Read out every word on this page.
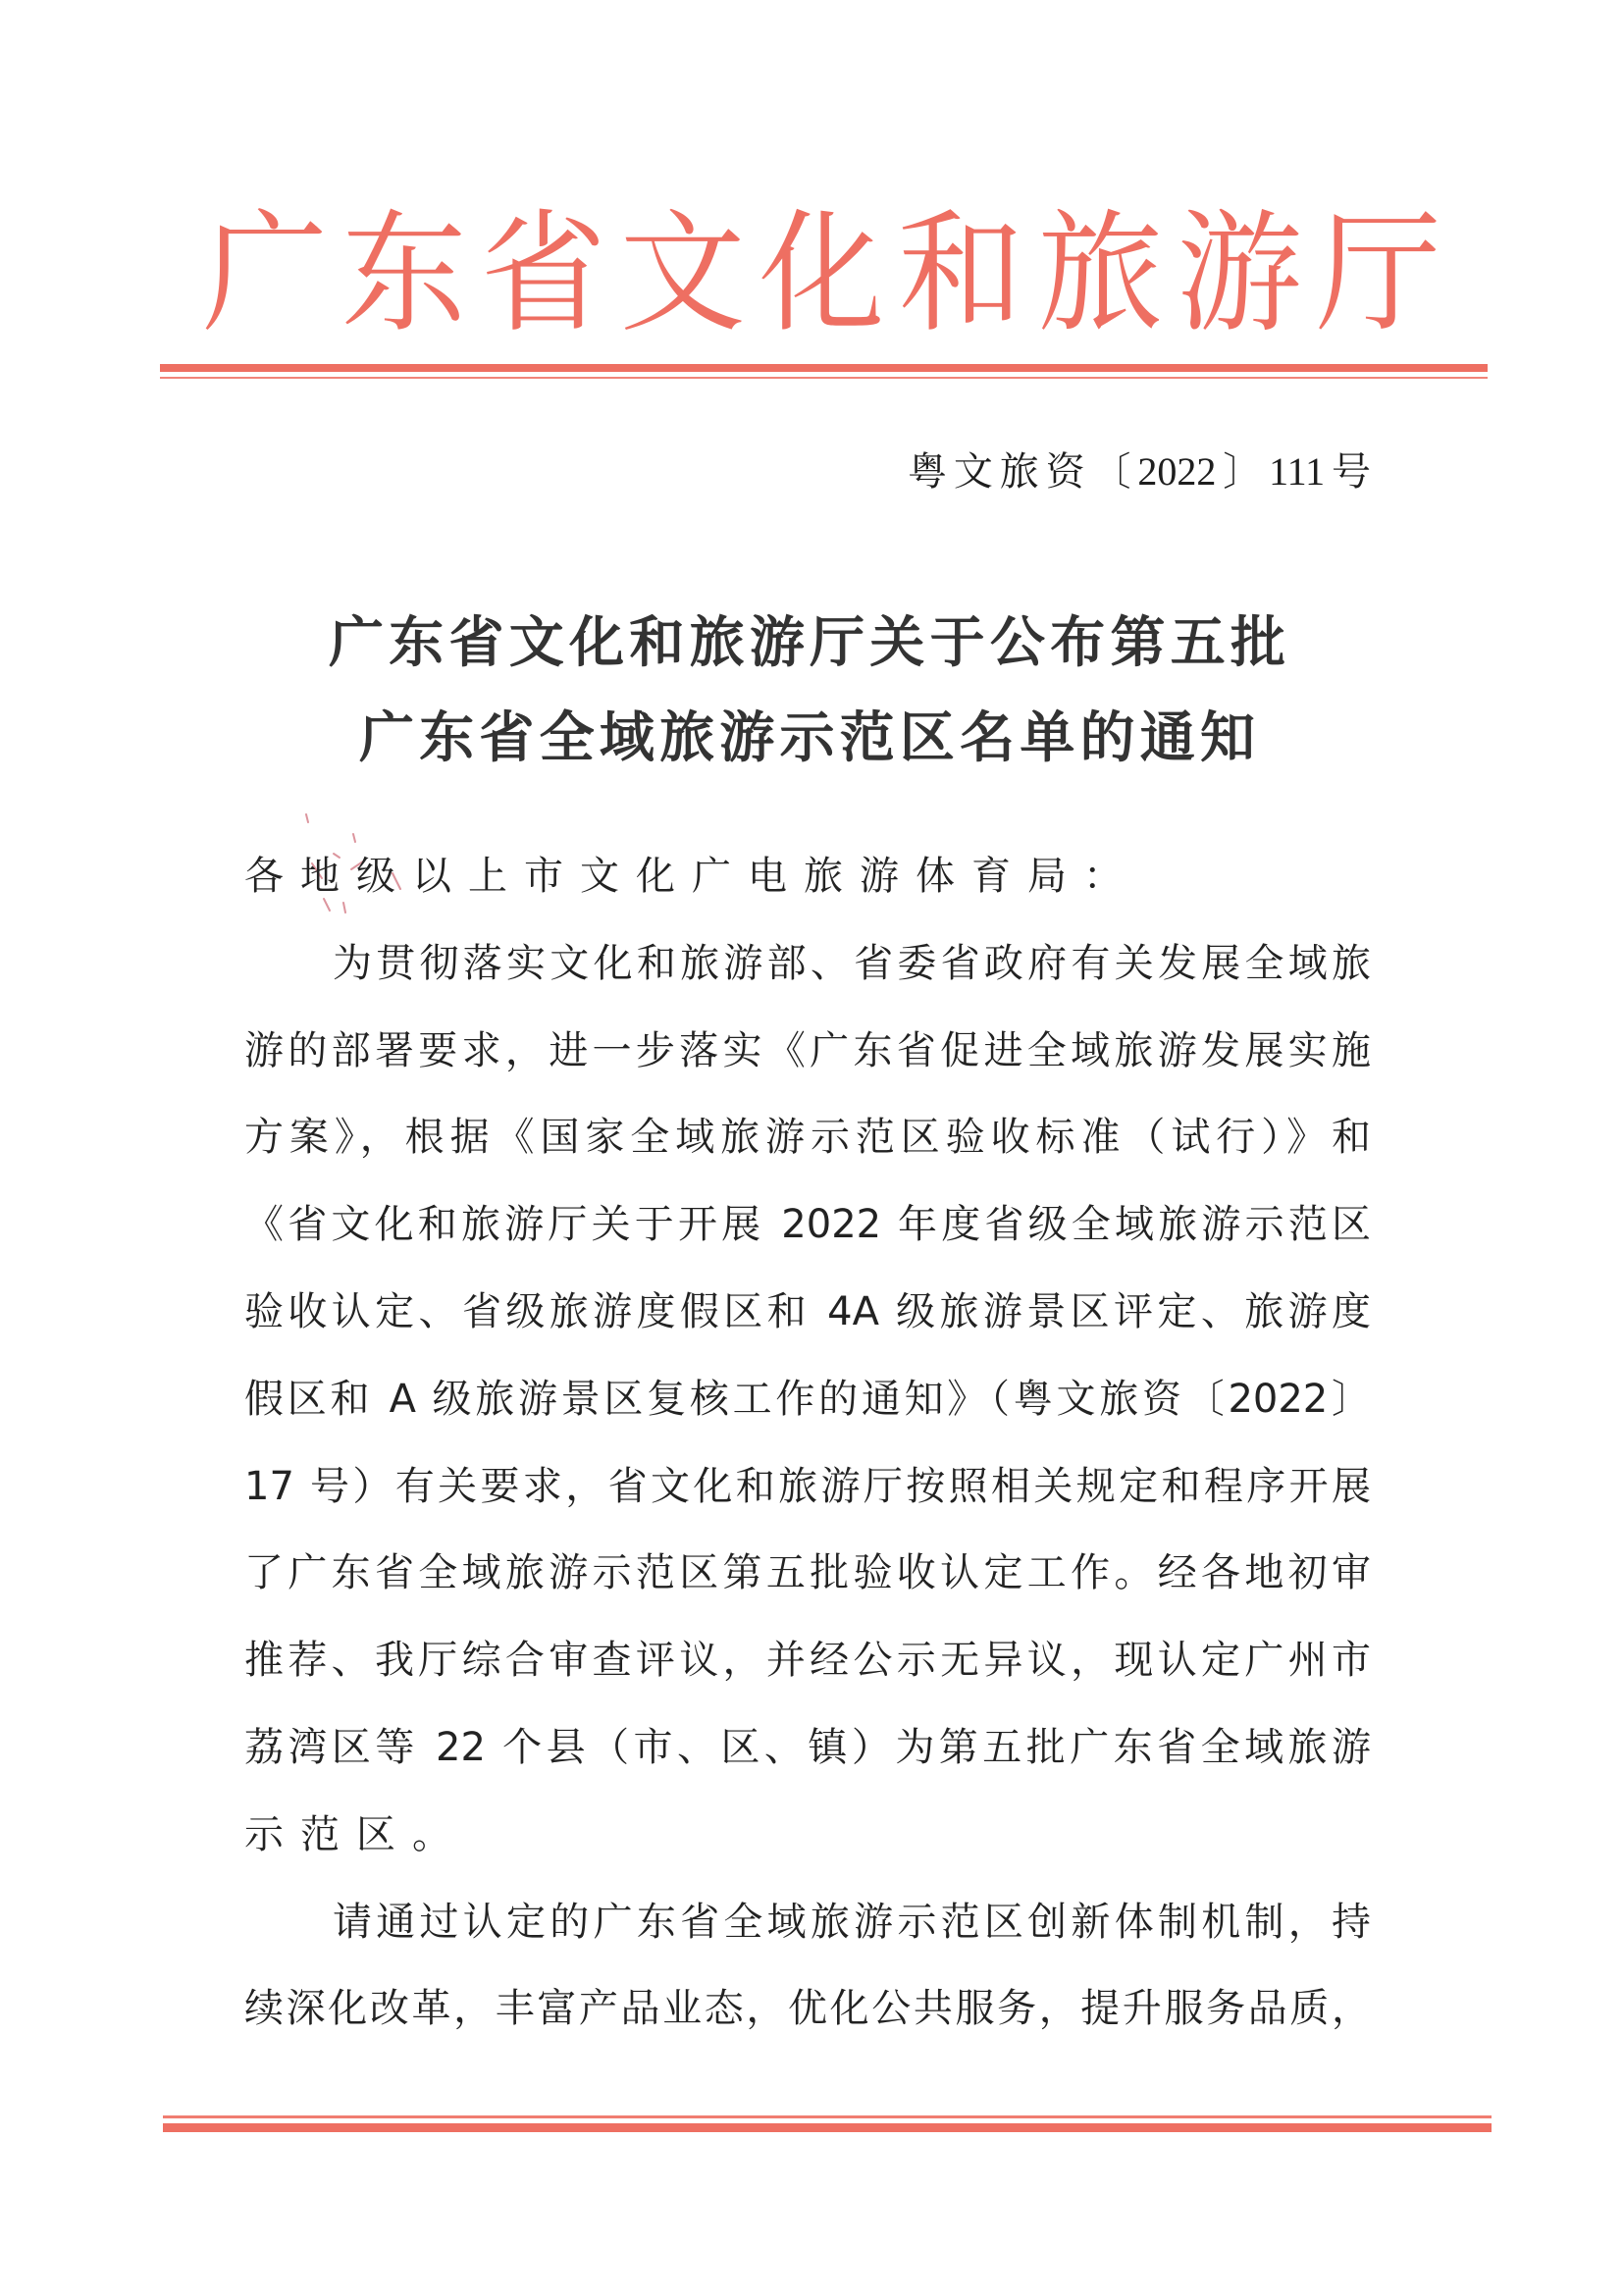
广 东 省 文 化 和 旅 游 厅
粤文旅资〔2022〕111号
广东省文化和旅游厅关于公布第五批
广东省全域旅游示范区名单的通知
各地级以上市文化广电旅游体育局：
为贯彻落实文化和旅游部、省委省政府有关发展全域旅
游的部署要求，进一步落实《广东省促进全域旅游发展实施
方案》，根据《国家全域旅游示范区验收标准（试行）》和
《省文化和旅游厅关于开展 2022 年度省级全域旅游示范区
验收认定、省级旅游度假区和 4A 级旅游景区评定、旅游度
假区和 A 级旅游景区复核工作的通知》（粤文旅资〔2022〕
17 号）有关要求，省文化和旅游厅按照相关规定和程序开展
了广东省全域旅游示范区第五批验收认定工作。经各地初审
推荐、我厅综合审查评议，并经公示无异议，现认定广州市
荔湾区等 22 个县（市、区、镇）为第五批广东省全域旅游
示范区。
请通过认定的广东省全域旅游示范区创新体制机制，持
续深化改革，丰富产品业态，优化公共服务，提升服务品质，
